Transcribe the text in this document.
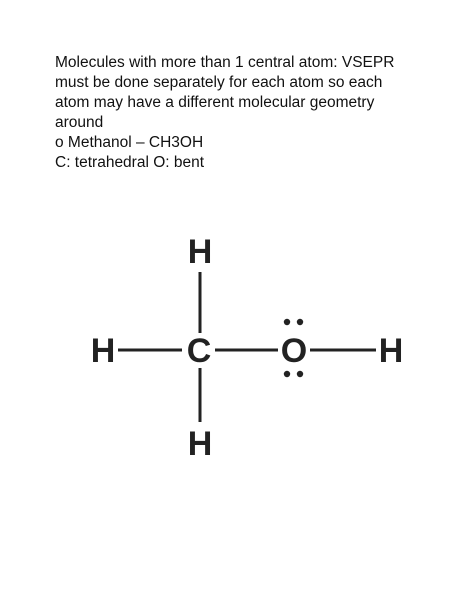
Molecules with more than 1 central atom: VSEPR

must be done separately for each atom so each

atom may have a different molecular geometry

around

o Methanol – CH3OH

C: tetrahedral O: bent

H
H C O H
H
